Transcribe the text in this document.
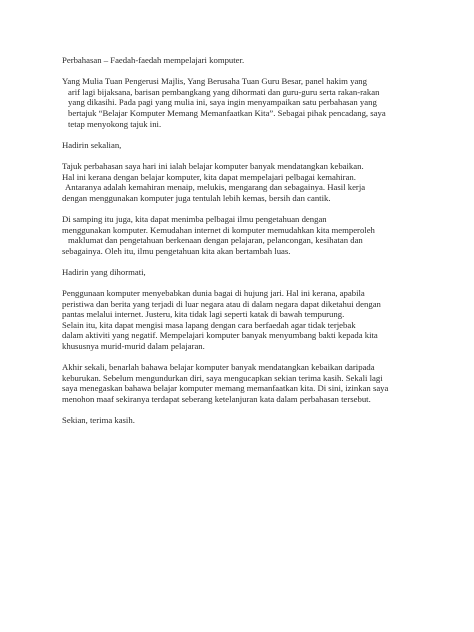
Perbahasan – Faedah-faedah mempelajari komputer.

Yang Mulia Tuan Pengerusi Majlis, Yang Berusaha Tuan Guru Besar, panel hakim yang
arif lagi bijaksana, barisan pembangkang yang dihormati dan guru-guru serta rakan-rakan
yang dikasihi. Pada pagi yang mulia ini, saya ingin menyampaikan satu perbahasan yang
bertajuk “Belajar Komputer Memang Memanfaatkan Kita”. Sebagai pihak pencadang, saya
tetap menyokong tajuk ini.

Hadirin sekalian,

Tajuk perbahasan saya hari ini ialah belajar komputer banyak mendatangkan kebaikan.
Hal ini kerana dengan belajar komputer, kita dapat mempelajari pelbagai kemahiran.
Antaranya adalah kemahiran menaip, melukis, mengarang dan sebagainya. Hasil kerja
dengan menggunakan komputer juga tentulah lebih kemas, bersih dan cantik.

Di samping itu juga, kita dapat menimba pelbagai ilmu pengetahuan dengan
menggunakan komputer. Kemudahan internet di komputer memudahkan kita memperoleh
maklumat dan pengetahuan berkenaan dengan pelajaran, pelancongan, kesihatan dan
sebagainya. Oleh itu, ilmu pengetahuan kita akan bertambah luas.

Hadirin yang dihormati,

Penggunaan komputer menyebabkan dunia bagai di hujung jari. Hal ini kerana, apabila
peristiwa dan berita yang terjadi di luar negara atau di dalam negara dapat diketahui dengan
pantas melalui internet. Justeru, kita tidak lagi seperti katak di bawah tempurung.
Selain itu, kita dapat mengisi masa lapang dengan cara berfaedah agar tidak terjebak
dalam aktiviti yang negatif. Mempelajari komputer banyak menyumbang bakti kepada kita
khususnya murid-murid dalam pelajaran.

Akhir sekali, benarlah bahawa belajar komputer banyak mendatangkan kebaikan daripada
keburukan. Sebelum mengundurkan diri, saya mengucapkan sekian terima kasih. Sekali lagi
saya menegaskan bahawa belajar komputer memang memanfaatkan kita. Di sini, izinkan saya
menohon maaf sekiranya terdapat seberang ketelanjuran kata dalam perbahasan tersebut.

Sekian, terima kasih.
